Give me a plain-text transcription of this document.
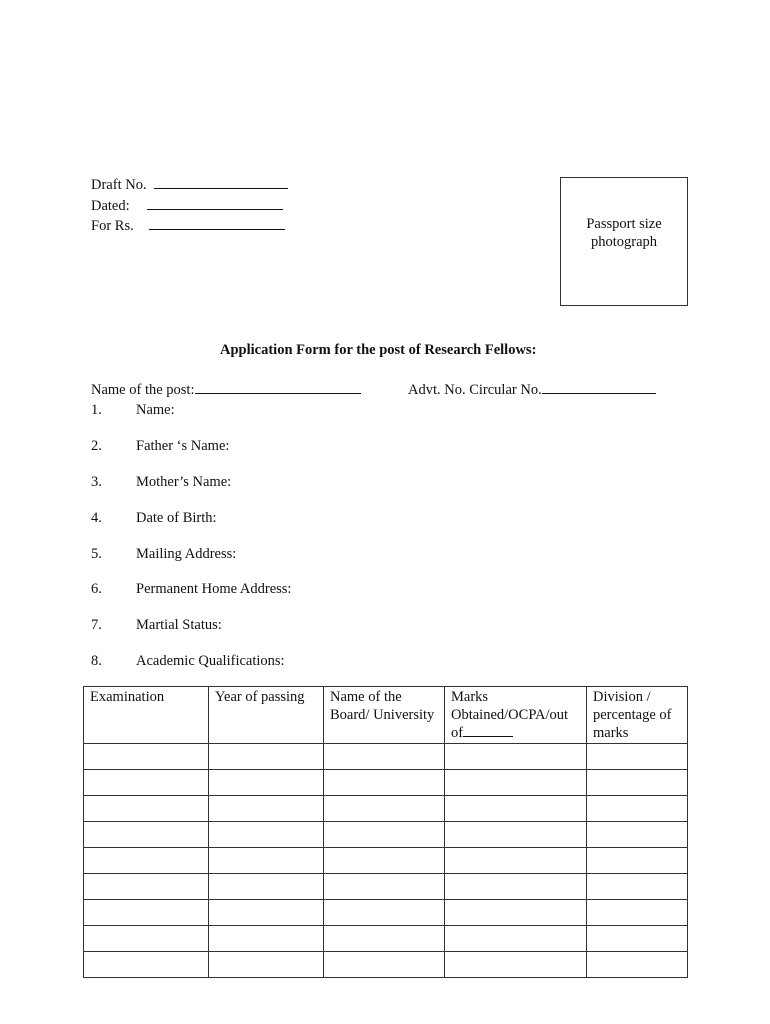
Draft No.
Dated:
For Rs.	Passport size
photograph
Application Form for the post of Research Fellows:
Name of the post:	Advt. No. Circular No.
1. Name:
2. Father ‘s Name:
3. Mother’s Name:
4. Date of Birth:
5. Mailing Address:
6. Permanent Home Address:
7. Martial Status:
8. Academic Qualifications:
Examination	Year of passing	Name of the Board/ University	Marks Obtained/OCPA/out of	Division / percentage of marks
